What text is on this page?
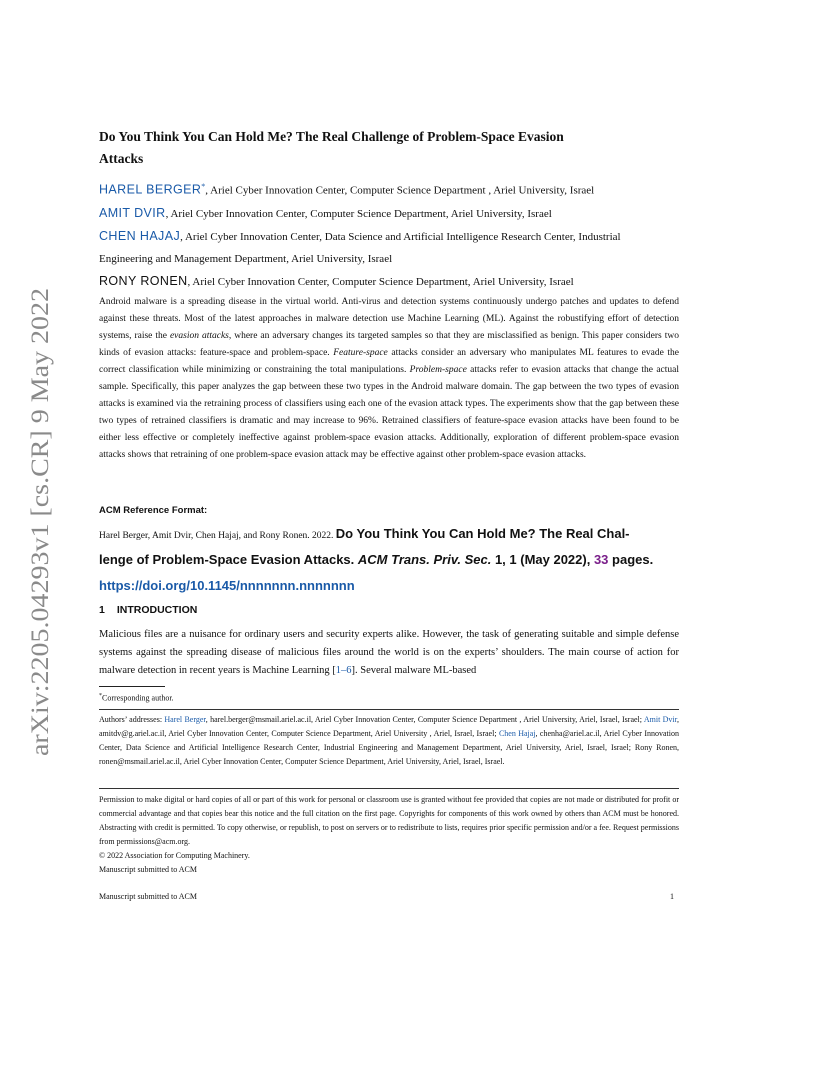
arXiv:2205.04293v1 [cs.CR] 9 May 2022
Do You Think You Can Hold Me? The Real Challenge of Problem-Space Evasion
Attacks
HAREL BERGER*, Ariel Cyber Innovation Center, Computer Science Department , Ariel University, Israel
AMIT DVIR, Ariel Cyber Innovation Center, Computer Science Department, Ariel University, Israel
CHEN HAJAJ, Ariel Cyber Innovation Center, Data Science and Artificial Intelligence Research Center, Industrial
Engineering and Management Department, Ariel University, Israel
RONY RONEN, Ariel Cyber Innovation Center, Computer Science Department, Ariel University, Israel
Android malware is a spreading disease in the virtual world. Anti-virus and detection systems continuously undergo patches and updates to defend against these threats. Most of the latest approaches in malware detection use Machine Learning (ML). Against the robustifying effort of detection systems, raise the evasion attacks, where an adversary changes its targeted samples so that they are misclassified as benign. This paper considers two kinds of evasion attacks: feature-space and problem-space. Feature-space attacks consider an adversary who manipulates ML features to evade the correct classification while minimizing or constraining the total manipulations. Problem-space attacks refer to evasion attacks that change the actual sample. Specifically, this paper analyzes the gap between these two types in the Android malware domain. The gap between the two types of evasion attacks is examined via the retraining process of classifiers using each one of the evasion attack types. The experiments show that the gap between these two types of retrained classifiers is dramatic and may increase to 96%. Retrained classifiers of feature-space evasion attacks have been found to be either less effective or completely ineffective against problem-space evasion attacks. Additionally, exploration of different problem-space evasion attacks shows that retraining of one problem-space evasion attack may be effective against other problem-space evasion attacks.
ACM Reference Format:
Harel Berger, Amit Dvir, Chen Hajaj, and Rony Ronen. 2022. Do You Think You Can Hold Me? The Real Chal-
lenge of Problem-Space Evasion Attacks. ACM Trans. Priv. Sec. 1, 1 (May 2022), 33 pages.
https://doi.org/10.1145/nnnnnnn.nnnnnnn
1 INTRODUCTION
Malicious files are a nuisance for ordinary users and security experts alike. However, the task of generating suitable and simple defense systems against the spreading disease of malicious files around the world is on the experts’ shoulders. The main course of action for malware detection in recent years is Machine Learning [1–6]. Several malware ML-based
*Corresponding author.
Authors’ addresses: Harel Berger, harel.berger@msmail.ariel.ac.il, Ariel Cyber Innovation Center, Computer Science Department , Ariel University, Ariel, Israel, Israel; Amit Dvir, amitdv@g.ariel.ac.il, Ariel Cyber Innovation Center, Computer Science Department, Ariel University , Ariel, Israel, Israel; Chen Hajaj, chenha@ariel.ac.il, Ariel Cyber Innovation Center, Data Science and Artificial Intelligence Research Center, Industrial Engineering and Management Department, Ariel University, Ariel, Israel, Israel; Rony Ronen, ronen@msmail.ariel.ac.il, Ariel Cyber Innovation Center, Computer Science Department, Ariel University, Ariel, Israel, Israel.
Permission to make digital or hard copies of all or part of this work for personal or classroom use is granted without fee provided that copies are not made or distributed for profit or commercial advantage and that copies bear this notice and the full citation on the first page. Copyrights for components of this work owned by others than ACM must be honored. Abstracting with credit is permitted. To copy otherwise, or republish, to post on servers or to redistribute to lists, requires prior specific permission and/or a fee. Request permissions from permissions@acm.org.
© 2022 Association for Computing Machinery.
Manuscript submitted to ACM
Manuscript submitted to ACM	1
